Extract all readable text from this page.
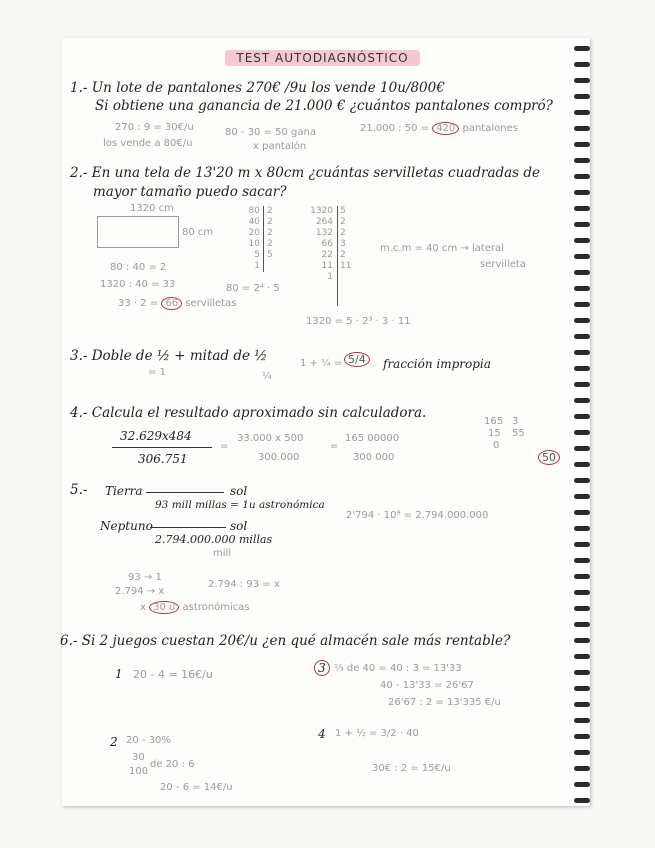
TEST AUTODIAGNÓSTICO
1.- Un lote de pantalones 270€ /9u los vende 10u/800€
Si obtiene una ganancia de 21.000 € ¿cuántos pantalones compró?
270 : 9 = 30€/u
los vende a 80€/u
80 - 30 = 50 gana
x pantalón
21.000 : 50 = 420 pantalones
2.- En una tela de 13'20 m x 80cm ¿cuántas servilletas cuadradas de
mayor tamaño puedo sacar?
1320 cm
80 cm
80 2
40 2
20 2
10 2
5 5
1
1320 5
264 2
132 2
66 3
22 2
11 11
1
80 = 2⁴ · 5
1320 = 5 · 2³ · 3 · 11
m.c.m = 40 cm → lateral
servilleta
80 : 40 = 2
1320 : 40 = 33
33 · 2 = 66 servilletas
3.- Doble de ½ + mitad de ½
= 1	¼
1 + ¼ = 5/4	fracción impropia
4.- Calcula el resultado aproximado sin calculadora.
32.629x484
306.751
=
33.000 x 500
300.000
=
165 00000
300 000
165 3
15 55
0
50
5.- Tierra	sol
93 mill millas = 1u astronómica
Neptuno	sol
2.794.000.000 millas
mill
2'794 · 10⁹ = 2.794.000.000
93 → 1
2.794 → x
2.794 : 93 = x
x 30 u astronómicas
6.- Si 2 juegos cuestan 20€/u ¿en qué almacén sale más rentable?
1 20 - 4 = 16€/u
2 20 - 30%
30
100
de 20 : 6
20 - 6 = 14€/u
3 ⅓ de 40 = 40 : 3 = 13'33
40 - 13'33 = 26'67
26'67 : 2 = 13'335 €/u
4 1 + ½ = 3/2 · 40
30€ : 2 = 15€/u
